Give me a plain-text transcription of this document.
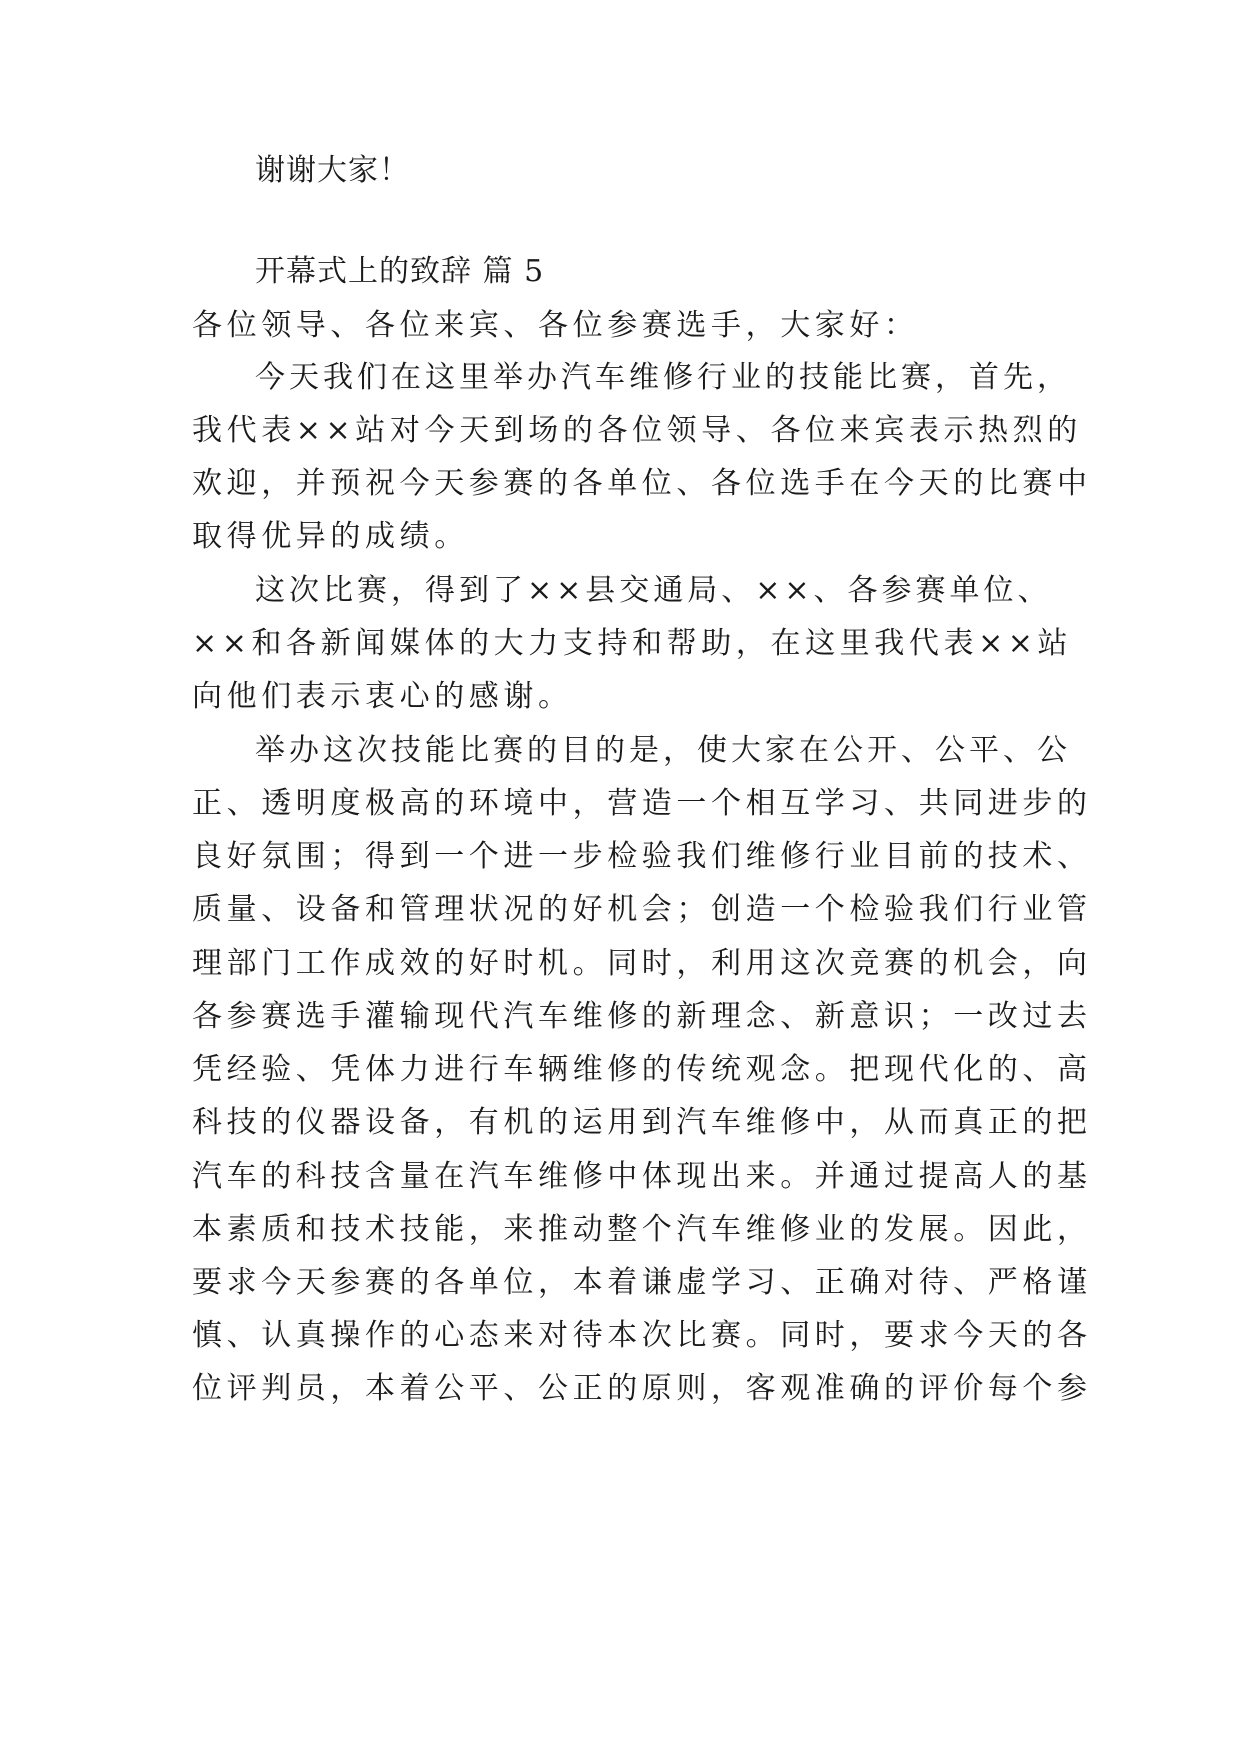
谢谢大家！
开幕式上的致辞 篇 5
各位领导、各位来宾、各位参赛选手，大家好：
今天我们在这里举办汽车维修行业的技能比赛，首先，
我代表××站对今天到场的各位领导、各位来宾表示热烈的
欢迎，并预祝今天参赛的各单位、各位选手在今天的比赛中
取得优异的成绩。
这次比赛，得到了××县交通局、××、各参赛单位、
××和各新闻媒体的大力支持和帮助，在这里我代表××站
向他们表示衷心的感谢。
举办这次技能比赛的目的是，使大家在公开、公平、公
正、透明度极高的环境中，营造一个相互学习、共同进步的
良好氛围；得到一个进一步检验我们维修行业目前的技术、
质量、设备和管理状况的好机会；创造一个检验我们行业管
理部门工作成效的好时机。同时，利用这次竞赛的机会，向
各参赛选手灌输现代汽车维修的新理念、新意识；一改过去
凭经验、凭体力进行车辆维修的传统观念。把现代化的、高
科技的仪器设备，有机的运用到汽车维修中，从而真正的把
汽车的科技含量在汽车维修中体现出来。并通过提高人的基
本素质和技术技能，来推动整个汽车维修业的发展。因此，
要求今天参赛的各单位，本着谦虚学习、正确对待、严格谨
慎、认真操作的心态来对待本次比赛。同时，要求今天的各
位评判员，本着公平、公正的原则，客观准确的评价每个参
